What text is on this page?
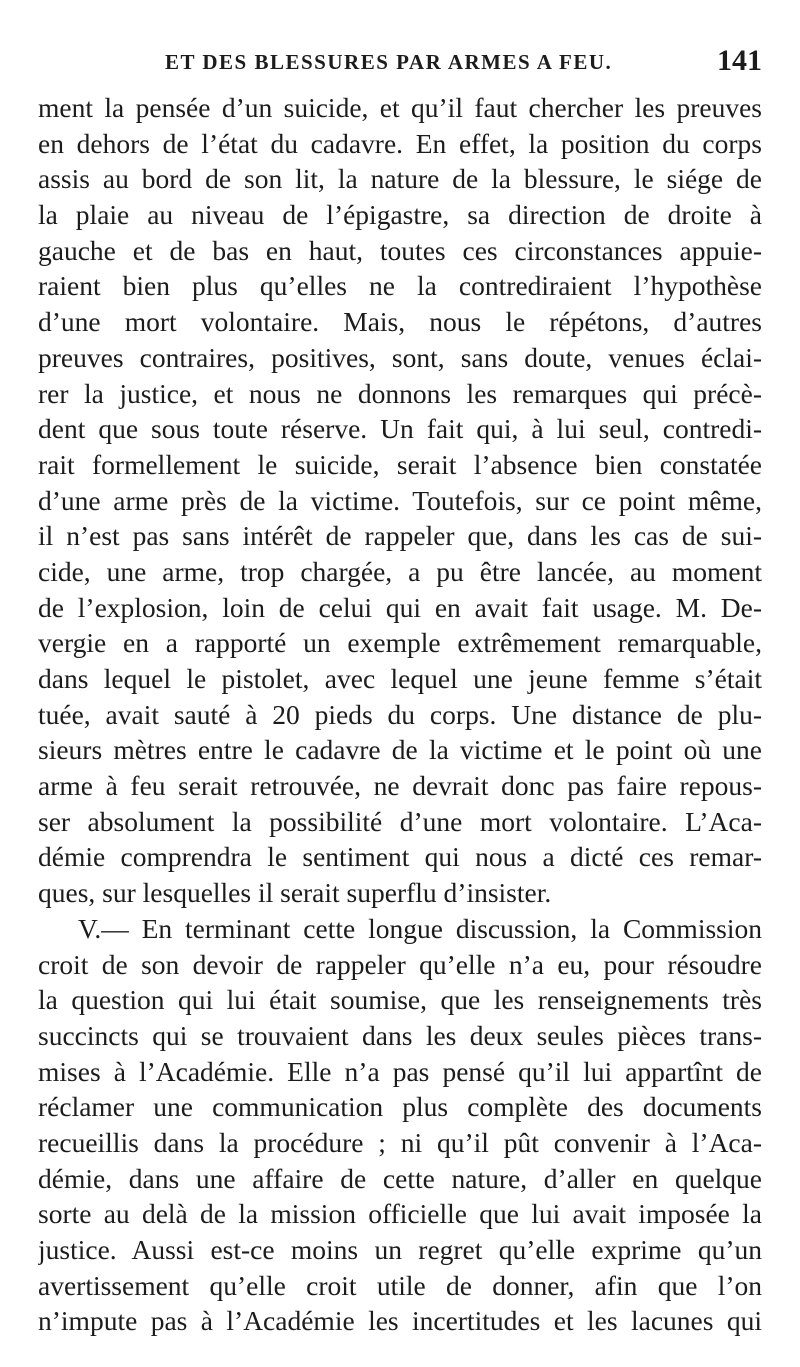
ET DES BLESSURES PAR ARMES A FEU.	141
ment la pensée d’un suicide, et qu’il faut chercher les preuves
en dehors de l’état du cadavre. En effet, la position du corps
assis au bord de son lit, la nature de la blessure, le siége de
la plaie au niveau de l’épigastre, sa direction de droite à
gauche et de bas en haut, toutes ces circonstances appuie-
raient bien plus qu’elles ne la contrediraient l’hypothèse
d’une mort volontaire. Mais, nous le répétons, d’autres
preuves contraires, positives, sont, sans doute, venues éclai-
rer la justice, et nous ne donnons les remarques qui précè-
dent que sous toute réserve. Un fait qui, à lui seul, contredi-
rait formellement le suicide, serait l’absence bien constatée
d’une arme près de la victime. Toutefois, sur ce point même,
il n’est pas sans intérêt de rappeler que, dans les cas de sui-
cide, une arme, trop chargée, a pu être lancée, au moment
de l’explosion, loin de celui qui en avait fait usage. M. De-
vergie en a rapporté un exemple extrêmement remarquable,
dans lequel le pistolet, avec lequel une jeune femme s’était
tuée, avait sauté à 20 pieds du corps. Une distance de plu-
sieurs mètres entre le cadavre de la victime et le point où une
arme à feu serait retrouvée, ne devrait donc pas faire repous-
ser absolument la possibilité d’une mort volontaire. L’Aca-
démie comprendra le sentiment qui nous a dicté ces remar-
ques, sur lesquelles il serait superflu d’insister.
V.— En terminant cette longue discussion, la Commission
croit de son devoir de rappeler qu’elle n’a eu, pour résoudre
la question qui lui était soumise, que les renseignements très
succincts qui se trouvaient dans les deux seules pièces trans-
mises à l’Académie. Elle n’a pas pensé qu’il lui appartînt de
réclamer une communication plus complète des documents
recueillis dans la procédure ; ni qu’il pût convenir à l’Aca-
démie, dans une affaire de cette nature, d’aller en quelque
sorte au delà de la mission officielle que lui avait imposée la
justice. Aussi est-ce moins un regret qu’elle exprime qu’un
avertissement qu’elle croit utile de donner, afin que l’on
n’impute pas à l’Académie les incertitudes et les lacunes qui
